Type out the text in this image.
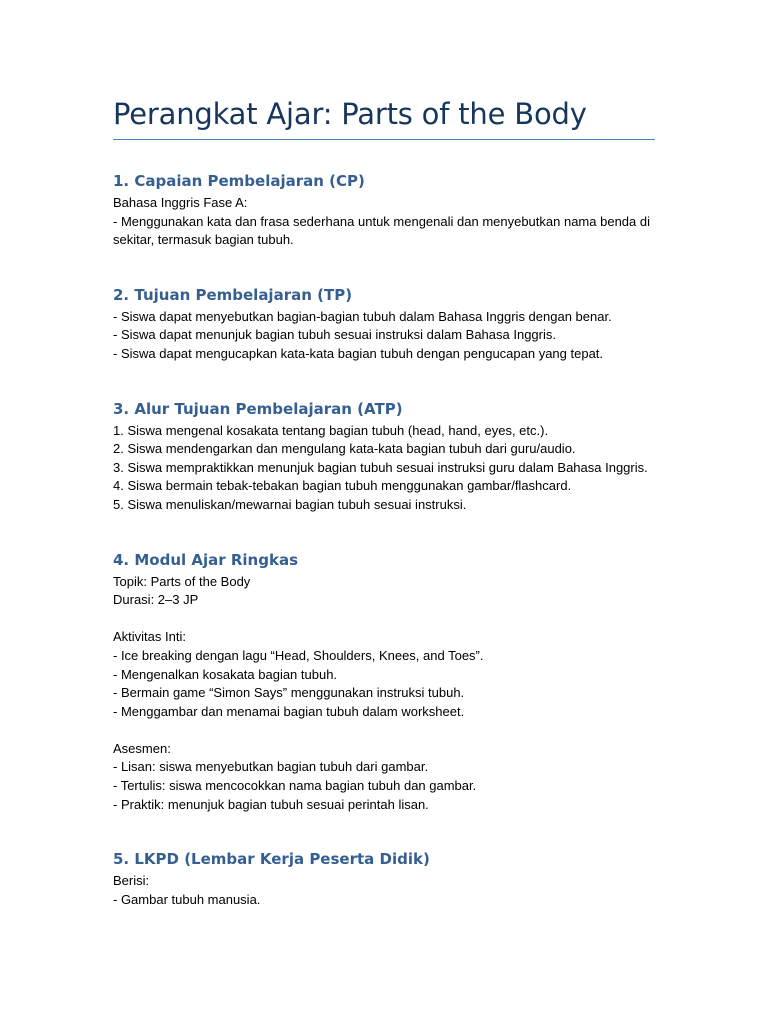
Perangkat Ajar: Parts of the Body
1. Capaian Pembelajaran (CP)
Bahasa Inggris Fase A:
- Menggunakan kata dan frasa sederhana untuk mengenali dan menyebutkan nama benda di sekitar, termasuk bagian tubuh.
2. Tujuan Pembelajaran (TP)
- Siswa dapat menyebutkan bagian-bagian tubuh dalam Bahasa Inggris dengan benar.
- Siswa dapat menunjuk bagian tubuh sesuai instruksi dalam Bahasa Inggris.
- Siswa dapat mengucapkan kata-kata bagian tubuh dengan pengucapan yang tepat.
3. Alur Tujuan Pembelajaran (ATP)
1. Siswa mengenal kosakata tentang bagian tubuh (head, hand, eyes, etc.).
2. Siswa mendengarkan dan mengulang kata-kata bagian tubuh dari guru/audio.
3. Siswa mempraktikkan menunjuk bagian tubuh sesuai instruksi guru dalam Bahasa Inggris.
4. Siswa bermain tebak-tebakan bagian tubuh menggunakan gambar/flashcard.
5. Siswa menuliskan/mewarnai bagian tubuh sesuai instruksi.
4. Modul Ajar Ringkas
Topik: Parts of the Body
Durasi: 2–3 JP
Aktivitas Inti:
- Ice breaking dengan lagu “Head, Shoulders, Knees, and Toes”.
- Mengenalkan kosakata bagian tubuh.
- Bermain game “Simon Says” menggunakan instruksi tubuh.
- Menggambar dan menamai bagian tubuh dalam worksheet.
Asesmen:
- Lisan: siswa menyebutkan bagian tubuh dari gambar.
- Tertulis: siswa mencocokkan nama bagian tubuh dan gambar.
- Praktik: menunjuk bagian tubuh sesuai perintah lisan.
5. LKPD (Lembar Kerja Peserta Didik)
Berisi:
- Gambar tubuh manusia.
